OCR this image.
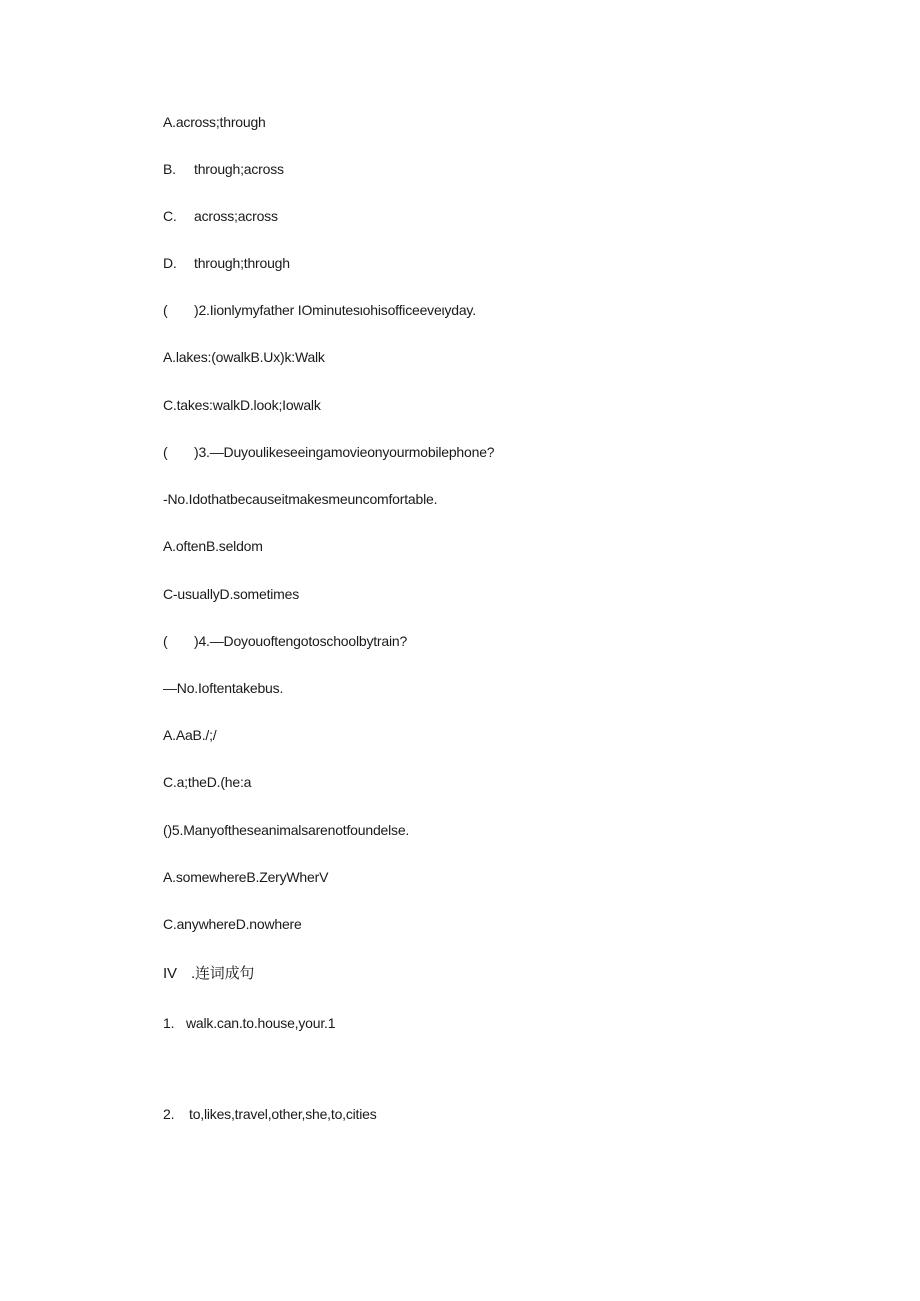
A.across;through
B. through;across
C. across;across
D. through;through
( )2.Iionlymyfather IOminutesιohisofficeeveιyday.
A.lakes:(owalkB.Ux)k:Walk
C.takes:walkD.look;Iowalk
( )3.—Duyoulikeseeingamovieonyourmobilephone?
-No.Idothatbecauseitmakesmeuncomfortable.
A.oftenB.seldom
C-usuallyD.sometimes
( )4.—Doyouoftengotoschoolbytrain?
—No.Ioftentakebus.
A.AaB./;/
C.a;theD.(he:a
()5.Manyoftheseanimalsarenotfoundelse.
A.somewhereB.ZeryWherV
C.anywhereD.nowhere
IV .连词成句
1. walk.can.to.house,your.1
2. to,likes,travel,other,she,to,cities
